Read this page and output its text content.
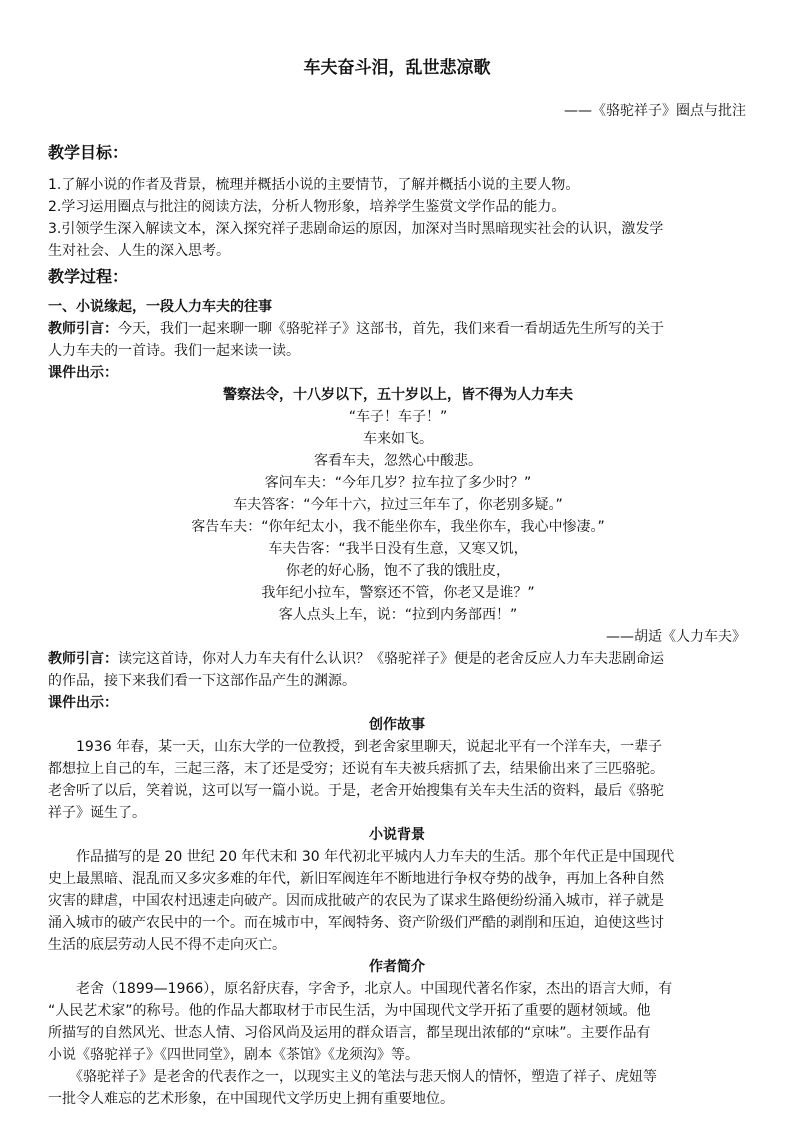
车夫奋斗泪，乱世悲凉歌
——《骆驼祥子》圈点与批注
教学目标：
1.了解小说的作者及背景，梳理并概括小说的主要情节，了解并概括小说的主要人物。
2.学习运用圈点与批注的阅读方法，分析人物形象，培养学生鉴赏文学作品的能力。
3.引领学生深入解读文本，深入探究祥子悲剧命运的原因，加深对当时黑暗现实社会的认识，激发学
生对社会、人生的深入思考。
教学过程：
一、小说缘起，一段人力车夫的往事
教师引言：今天，我们一起来聊一聊《骆驼祥子》这部书，首先，我们来看一看胡适先生所写的关于
人力车夫的一首诗。我们一起来读一读。
课件出示：
警察法令，十八岁以下，五十岁以上，皆不得为人力车夫
“车子！车子！”
车来如飞。
客看车夫，忽然心中酸悲。
客问车夫：“今年几岁？拉车拉了多少时？”
车夫答客：“今年十六，拉过三年车了，你老别多疑。”
客告车夫：“你年纪太小，我不能坐你车，我坐你车，我心中惨凄。”
车夫告客：“我半日没有生意，又寒又饥，
你老的好心肠，饱不了我的饿肚皮，
我年纪小拉车，警察还不管，你老又是谁？”
客人点头上车，说：“拉到内务部西！”
——胡适《人力车夫》
教师引言：读完这首诗，你对人力车夫有什么认识？《骆驼祥子》便是的老舍反应人力车夫悲剧命运
的作品，接下来我们看一下这部作品产生的渊源。
课件出示：
创作故事
　　1936 年春，某一天，山东大学的一位教授，到老舍家里聊天，说起北平有一个洋车夫，一辈子
都想拉上自己的车，三起三落，末了还是受穷；还说有车夫被兵痞抓了去，结果偷出来了三匹骆驼。
老舍听了以后，笑着说，这可以写一篇小说。于是，老舍开始搜集有关车夫生活的资料，最后《骆驼
祥子》诞生了。
小说背景
　　作品描写的是 20 世纪 20 年代末和 30 年代初北平城内人力车夫的生活。那个年代正是中国现代
史上最黑暗、混乱而又多灾多难的年代，新旧军阀连年不断地进行争权夺势的战争，再加上各种自然
灾害的肆虐，中国农村迅速走向破产。因而成批破产的农民为了谋求生路便纷纷涌入城市，祥子就是
涌入城市的破产农民中的一个。而在城市中，军阀特务、资产阶级们严酷的剥削和压迫，迫使这些讨
生活的底层劳动人民不得不走向灭亡。
作者简介
　　老舍（1899—1966），原名舒庆春，字舍予，北京人。中国现代著名作家，杰出的语言大师，有
“人民艺术家”的称号。他的作品大都取材于市民生活，为中国现代文学开拓了重要的题材领域。他
所描写的自然风光、世态人情、习俗风尚及运用的群众语言，都呈现出浓郁的“京味”。主要作品有
小说《骆驼祥子》《四世同堂》，剧本《茶馆》《龙须沟》等。
　　《骆驼祥子》是老舍的代表作之一，以现实主义的笔法与悲天悯人的情怀，塑造了祥子、虎妞等
一批令人难忘的艺术形象，在中国现代文学历史上拥有重要地位。
